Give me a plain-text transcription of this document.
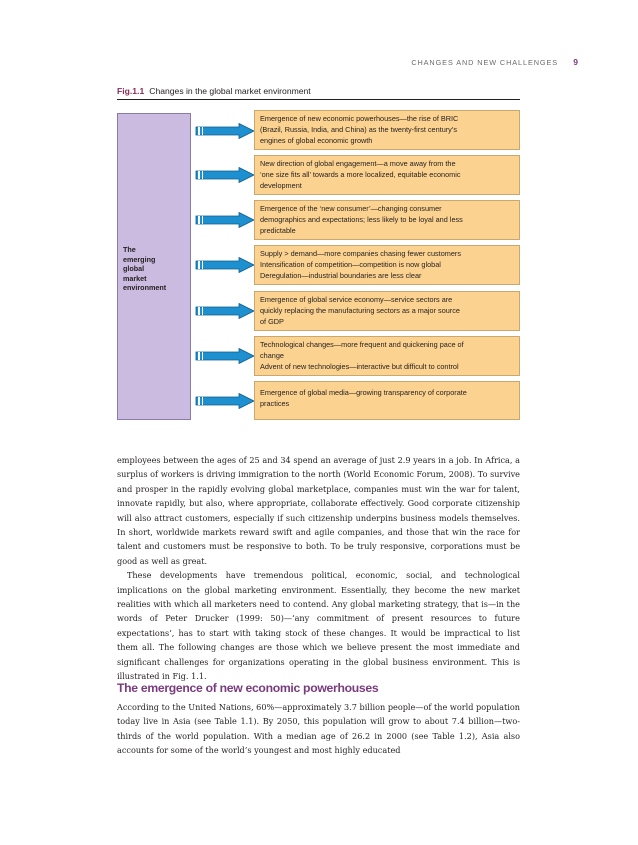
CHANGES AND NEW CHALLENGES 9
Fig.1.1 Changes in the global market environment
The
emerging
global
market
environment

Emergence of new economic powerhouses—the rise of BRIC

(Brazil, Russia, India, and China) as the twenty-first century’s

engines of global economic growth

New direction of global engagement—a move away from the

‘one size fits all’ towards a more localized, equitable economic

development

Emergence of the ‘new consumer’—changing consumer

demographics and expectations; less likely to be loyal and less

predictable

Supply > demand—more companies chasing fewer customers

Intensification of competition—competition is now global

Deregulation—industrial boundaries are less clear

Emergence of global service economy—service sectors are

quickly replacing the manufacturing sectors as a major source

of GDP

Technological changes—more frequent and quickening pace of

change

Advent of new technologies—interactive but difficult to control

Emergence of global media—growing transparency of corporate

practices

employees between the ages of 25 and 34 spend an average of just 2.9 years in a job. In Africa, a surplus of workers is driving immigration to the north (World Economic Forum, 2008). To survive and prosper in the rapidly evolving global marketplace, companies must win the war for talent, innovate rapidly, but also, where appropriate, collaborate effectively. Good corporate citizenship will also attract customers, especially if such citizenship underpins business models themselves. In short, worldwide markets reward swift and agile companies, and those that win the race for talent and customers must be responsive to both. To be truly responsive, corporations must be good as well as great.

These developments have tremendous political, economic, social, and technological implications on the global marketing environment. Essentially, they become the new market realities with which all marketers need to contend. Any global marketing strategy, that is—in the words of Peter Drucker (1999: 50)—‘any commitment of present resources to future expectations’, has to start with taking stock of these changes. It would be impractical to list them all. The following changes are those which we believe present the most immediate and significant challenges for organizations operating in the global business environment. This is illustrated in Fig. 1.1.

The emergence of new economic powerhouses

According to the United Nations, 60%—approximately 3.7 billion people—of the world population today live in Asia (see Table 1.1). By 2050, this population will grow to about 7.4 billion—two-thirds of the world population. With a median age of 26.2 in 2000 (see Table 1.2), Asia also accounts for some of the world’s youngest and most highly educated
